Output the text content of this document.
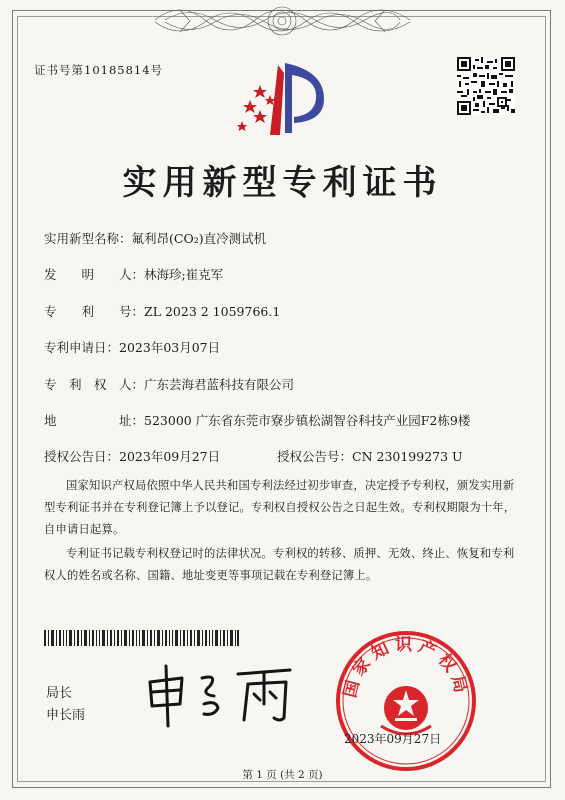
证书号第10185814号
实用新型专利证书
实用新型名称：氟利昂(CO₂)直冷测试机
发　　明　　人：林海珍;崔克军
专　　利　　号：ZL 2023 2 1059766.1
专利申请日：2023年03月07日
专　利　权　人：广东芸海君蓝科技有限公司
地　　　　　址：523000 广东省东莞市寮步镇松湖智谷科技产业园F2栋9楼
授权公告日：2023年09月27日	授权公告号：CN 230199273 U
国家知识产权局依照中华人民共和国专利法经过初步审查，决定授予专利权，颁发实用新型专利证书并在专利登记簿上予以登记。专利权自授权公告之日起生效。专利权期限为十年，自申请日起算。
专利证书记载专利权登记时的法律状况。专利权的转移、质押、无效、终止、恢复和专利权人的姓名或名称、国籍、地址变更等事项记载在专利登记簿上。
局长
申长雨
国家知识产权局
2023年09月27日
第 1 页 (共 2 页)
